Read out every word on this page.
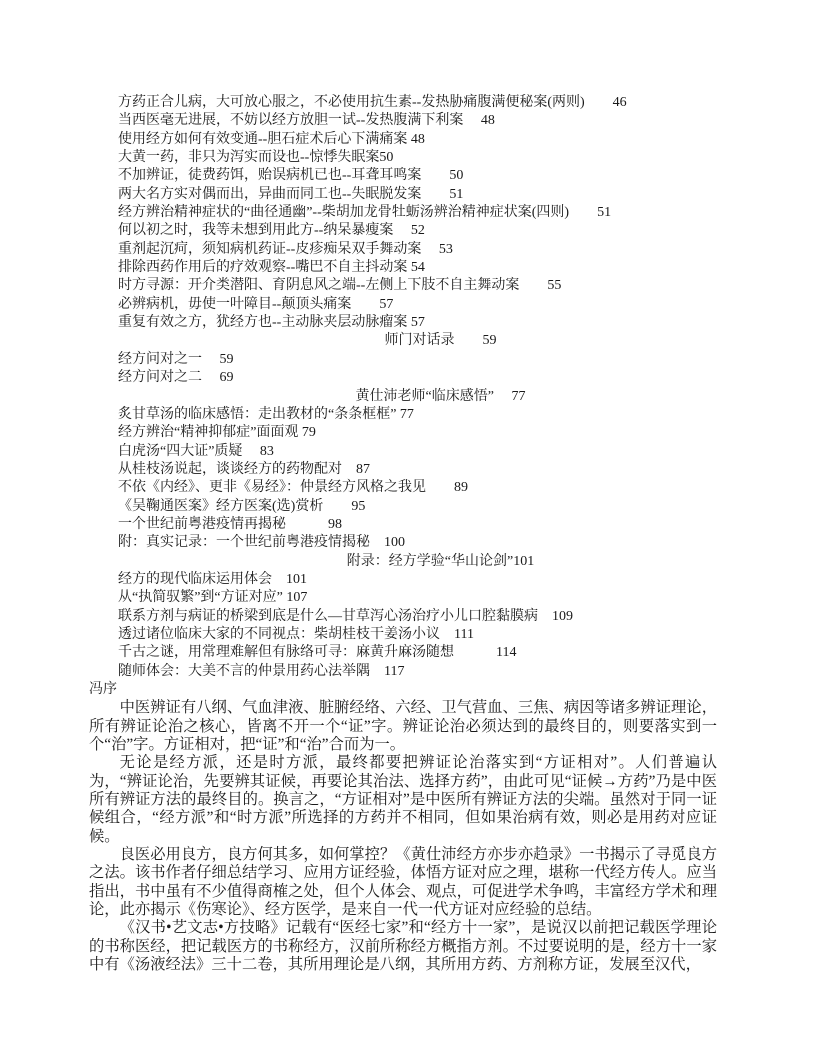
方药正合儿病，大可放心服之，不必使用抗生素--发热胁痛腹满便秘案(两则)　　46
当西医毫无进展，不妨以经方放胆一试--发热腹满下利案　 48
使用经方如何有效变通--胆石症术后心下满痛案 48
大黄一药，非只为泻实而设也--惊悸失眠案50
不加辨证，徒费药饵，贻误病机已也--耳聋耳鸣案　　50
两大名方实对偶而出，异曲而同工也--失眠脱发案　　51
经方辨治精神症状的“曲径通幽”--柴胡加龙骨牡蛎汤辨治精神症状案(四则)　　51
何以初之时，我等未想到用此方--纳呆暴瘦案　 52
重剂起沉疴，须知病机药证--皮疹痴呆双手舞动案　 53
排除西药作用后的疗效观察--嘴巴不自主抖动案 54
时方寻源：开介类潜阳、育阴息风之端--左侧上下肢不自主舞动案　　55
必辨病机，毋使一叶障目--颠顶头痛案　　57
重复有效之方，犹经方也--主动脉夹层动脉瘤案 57
师门对话录　　59
经方问对之一　 59
经方问对之二　 69
黄仕沛老师“临床感悟”　 77
炙甘草汤的临床感悟：走出教材的“条条框框” 77
经方辨治“精神抑郁症”面面观 79
白虎汤“四大证”质疑　 83
从桂枝汤说起，谈谈经方的药物配对　87
不依《内经》、更非《易经》：仲景经方风格之我见　　89
《吴鞠通医案》经方医案(选)赏析　　95
一个世纪前粤港疫情再揭秘　　　98
附：真实记录：一个世纪前粤港疫情揭秘　100
附录：经方学验“华山论剑”101
经方的现代临床运用体会　101
从“执简驭繁”到“方证对应” 107
联系方剂与病证的桥梁到底是什么—甘草泻心汤治疗小儿口腔黏膜病　109
透过诸位临床大家的不同视点：柴胡桂枝干姜汤小议　111
千古之谜，用常理难解但有脉络可寻：麻黄升麻汤随想　　　114
随师体会：大美不言的仲景用药心法举隅　117
冯序

中医辨证有八纲、气血津液、脏腑经络、六经、卫气营血、三焦、病因等诸多辨证理论，所有辨证论治之核心，皆离不开一个“证”字。辨证论治必须达到的最终目的，则要落实到一个“治”字。方证相对，把“证”和“治”合而为一。

无论是经方派，还是时方派，最终都要把辨证论治落实到“方证相对”。人们普遍认为，“辨证论治，先要辨其证候，再要论其治法、选择方药”，由此可见“证候→方药”乃是中医所有辨证方法的最终目的。换言之，“方证相对”是中医所有辨证方法的尖端。虽然对于同一证候组合，“经方派”和“时方派”所选择的方药并不相同，但如果治病有效，则必是用药对应证候。

良医必用良方，良方何其多，如何掌控？《黄仕沛经方亦步亦趋录》一书揭示了寻觅良方之法。该书作者仔细总结学习、应用方证经验，体悟方证对应之理，堪称一代经方传人。应当指出，书中虽有不少值得商榷之处，但个人体会、观点，可促进学术争鸣，丰富经方学术和理论，此亦揭示《伤寒论》、经方医学，是来自一代一代方证对应经验的总结。

《汉书•艺文志•方技略》记载有“医经七家”和“经方十一家”，是说汉以前把记载医学理论的书称医经，把记载医方的书称经方，汉前所称经方概指方剂。不过要说明的是，经方十一家中有《汤液经法》三十二卷，其所用理论是八纲，其所用方药、方剂称方证，发展至汉代，
